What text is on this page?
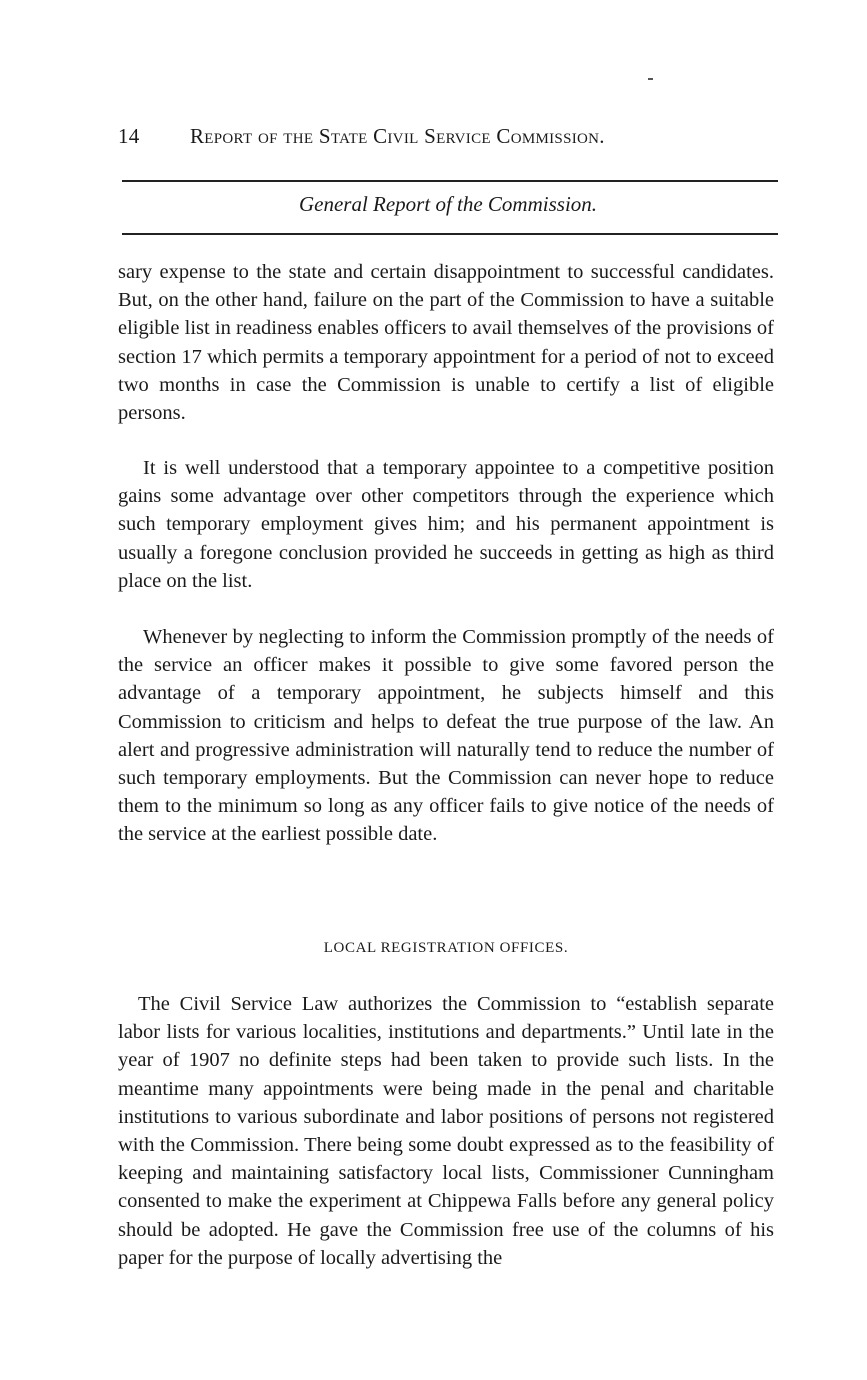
14 Report of the State Civil Service Commission.
General Report of the Commission.

sary expense to the state and certain disappointment to successful candidates. But, on the other hand, failure on the part of the Commission to have a suitable eligible list in readiness enables officers to avail themselves of the provisions of section 17 which permits a temporary appointment for a period of not to exceed two months in case the Commission is unable to certify a list of eligible persons.

It is well understood that a temporary appointee to a competitive position gains some advantage over other competitors through the experience which such temporary employment gives him; and his permanent appointment is usually a foregone conclusion provided he succeeds in getting as high as third place on the list.

Whenever by neglecting to inform the Commission promptly of the needs of the service an officer makes it possible to give some favored person the advantage of a temporary appointment, he subjects himself and this Commission to criticism and helps to defeat the true purpose of the law. An alert and progressive administration will naturally tend to reduce the number of such temporary employments. But the Commission can never hope to reduce them to the minimum so long as any officer fails to give notice of the needs of the service at the earliest possible date.

LOCAL REGISTRATION OFFICES.

The Civil Service Law authorizes the Commission to “establish separate labor lists for various localities, institutions and departments.” Until late in the year of 1907 no definite steps had been taken to provide such lists. In the meantime many appointments were being made in the penal and charitable institutions to various subordinate and labor positions of persons not registered with the Commission. There being some doubt expressed as to the feasibility of keeping and maintaining satisfactory local lists, Commissioner Cunningham consented to make the experiment at Chippewa Falls before any general policy should be adopted. He gave the Commission free use of the columns of his paper for the purpose of locally advertising the
